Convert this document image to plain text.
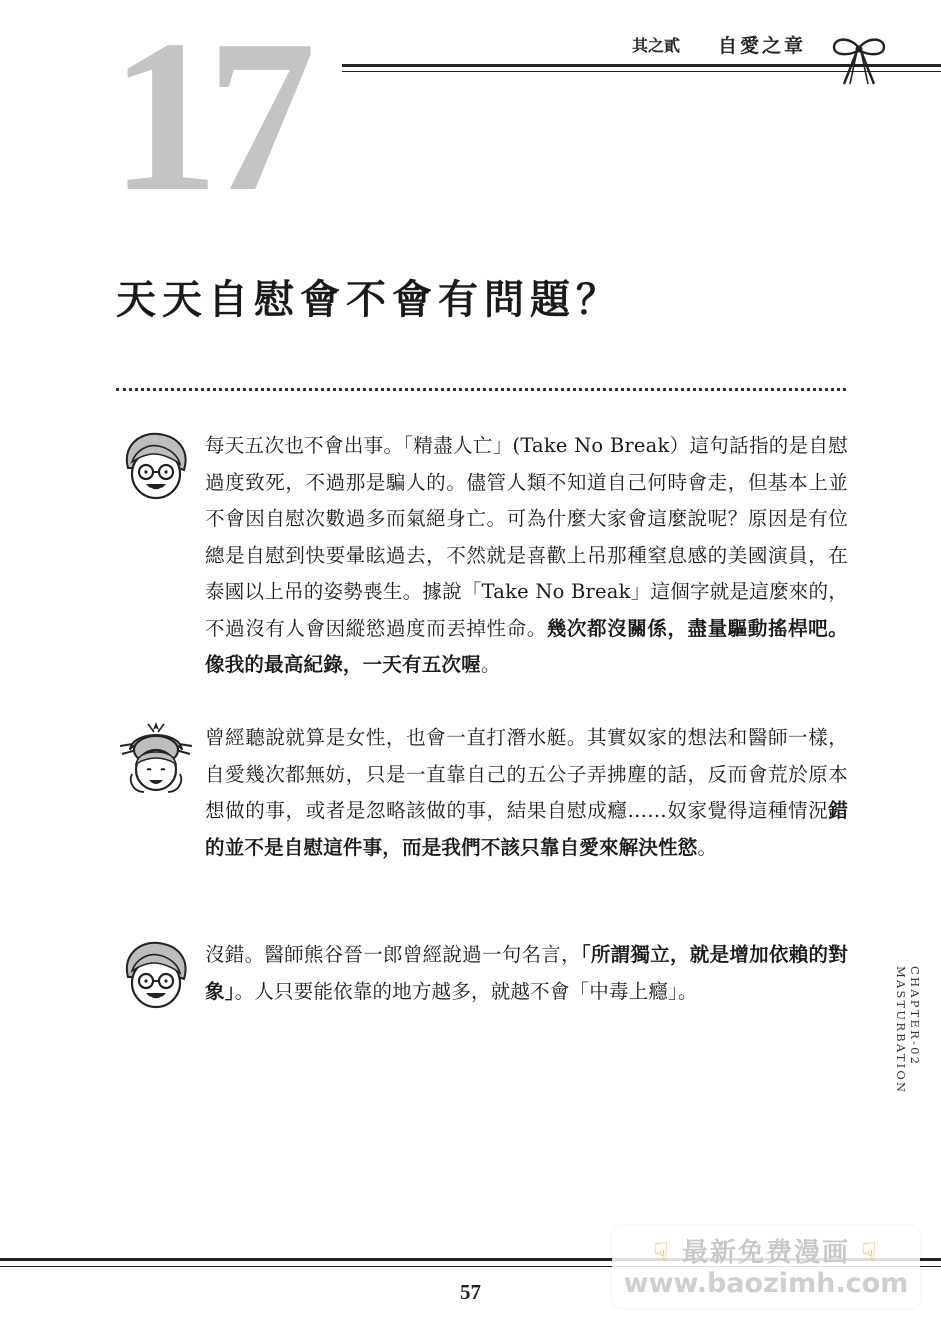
17	其之貳 自愛之章
天天自慰會不會有問題？
每天五次也不會出事。「精盡人亡」(Take No Break）這句話指的是自慰過度致死，不過那是騙人的。儘管人類不知道自己何時會走，但基本上並不會因自慰次數過多而氣絕身亡。可為什麼大家會這麼說呢？原因是有位總是自慰到快要暈眩過去，不然就是喜歡上吊那種窒息感的美國演員，在泰國以上吊的姿勢喪生。據說「Take No Break」這個字就是這麼來的，不過沒有人會因縱慾過度而丟掉性命。幾次都沒關係，盡量驅動搖桿吧。像我的最高紀錄，一天有五次喔。
曾經聽說就算是女性，也會一直打潛水艇。其實奴家的想法和醫師一樣，自愛幾次都無妨，只是一直靠自己的五公子弄拂塵的話，反而會荒於原本想做的事，或者是忽略該做的事，結果自慰成癮……奴家覺得這種情況錯的並不是自慰這件事，而是我們不該只靠自愛來解決性慾。
沒錯。醫師熊谷晉一郎曾經說過一句名言，「所謂獨立，就是增加依賴的對象」。人只要能依靠的地方越多，就越不會「中毒上癮」。	CHAPTER-02 MASTURBATION
57
☟ 最新免费漫画 ☟
www.baozimh.com
